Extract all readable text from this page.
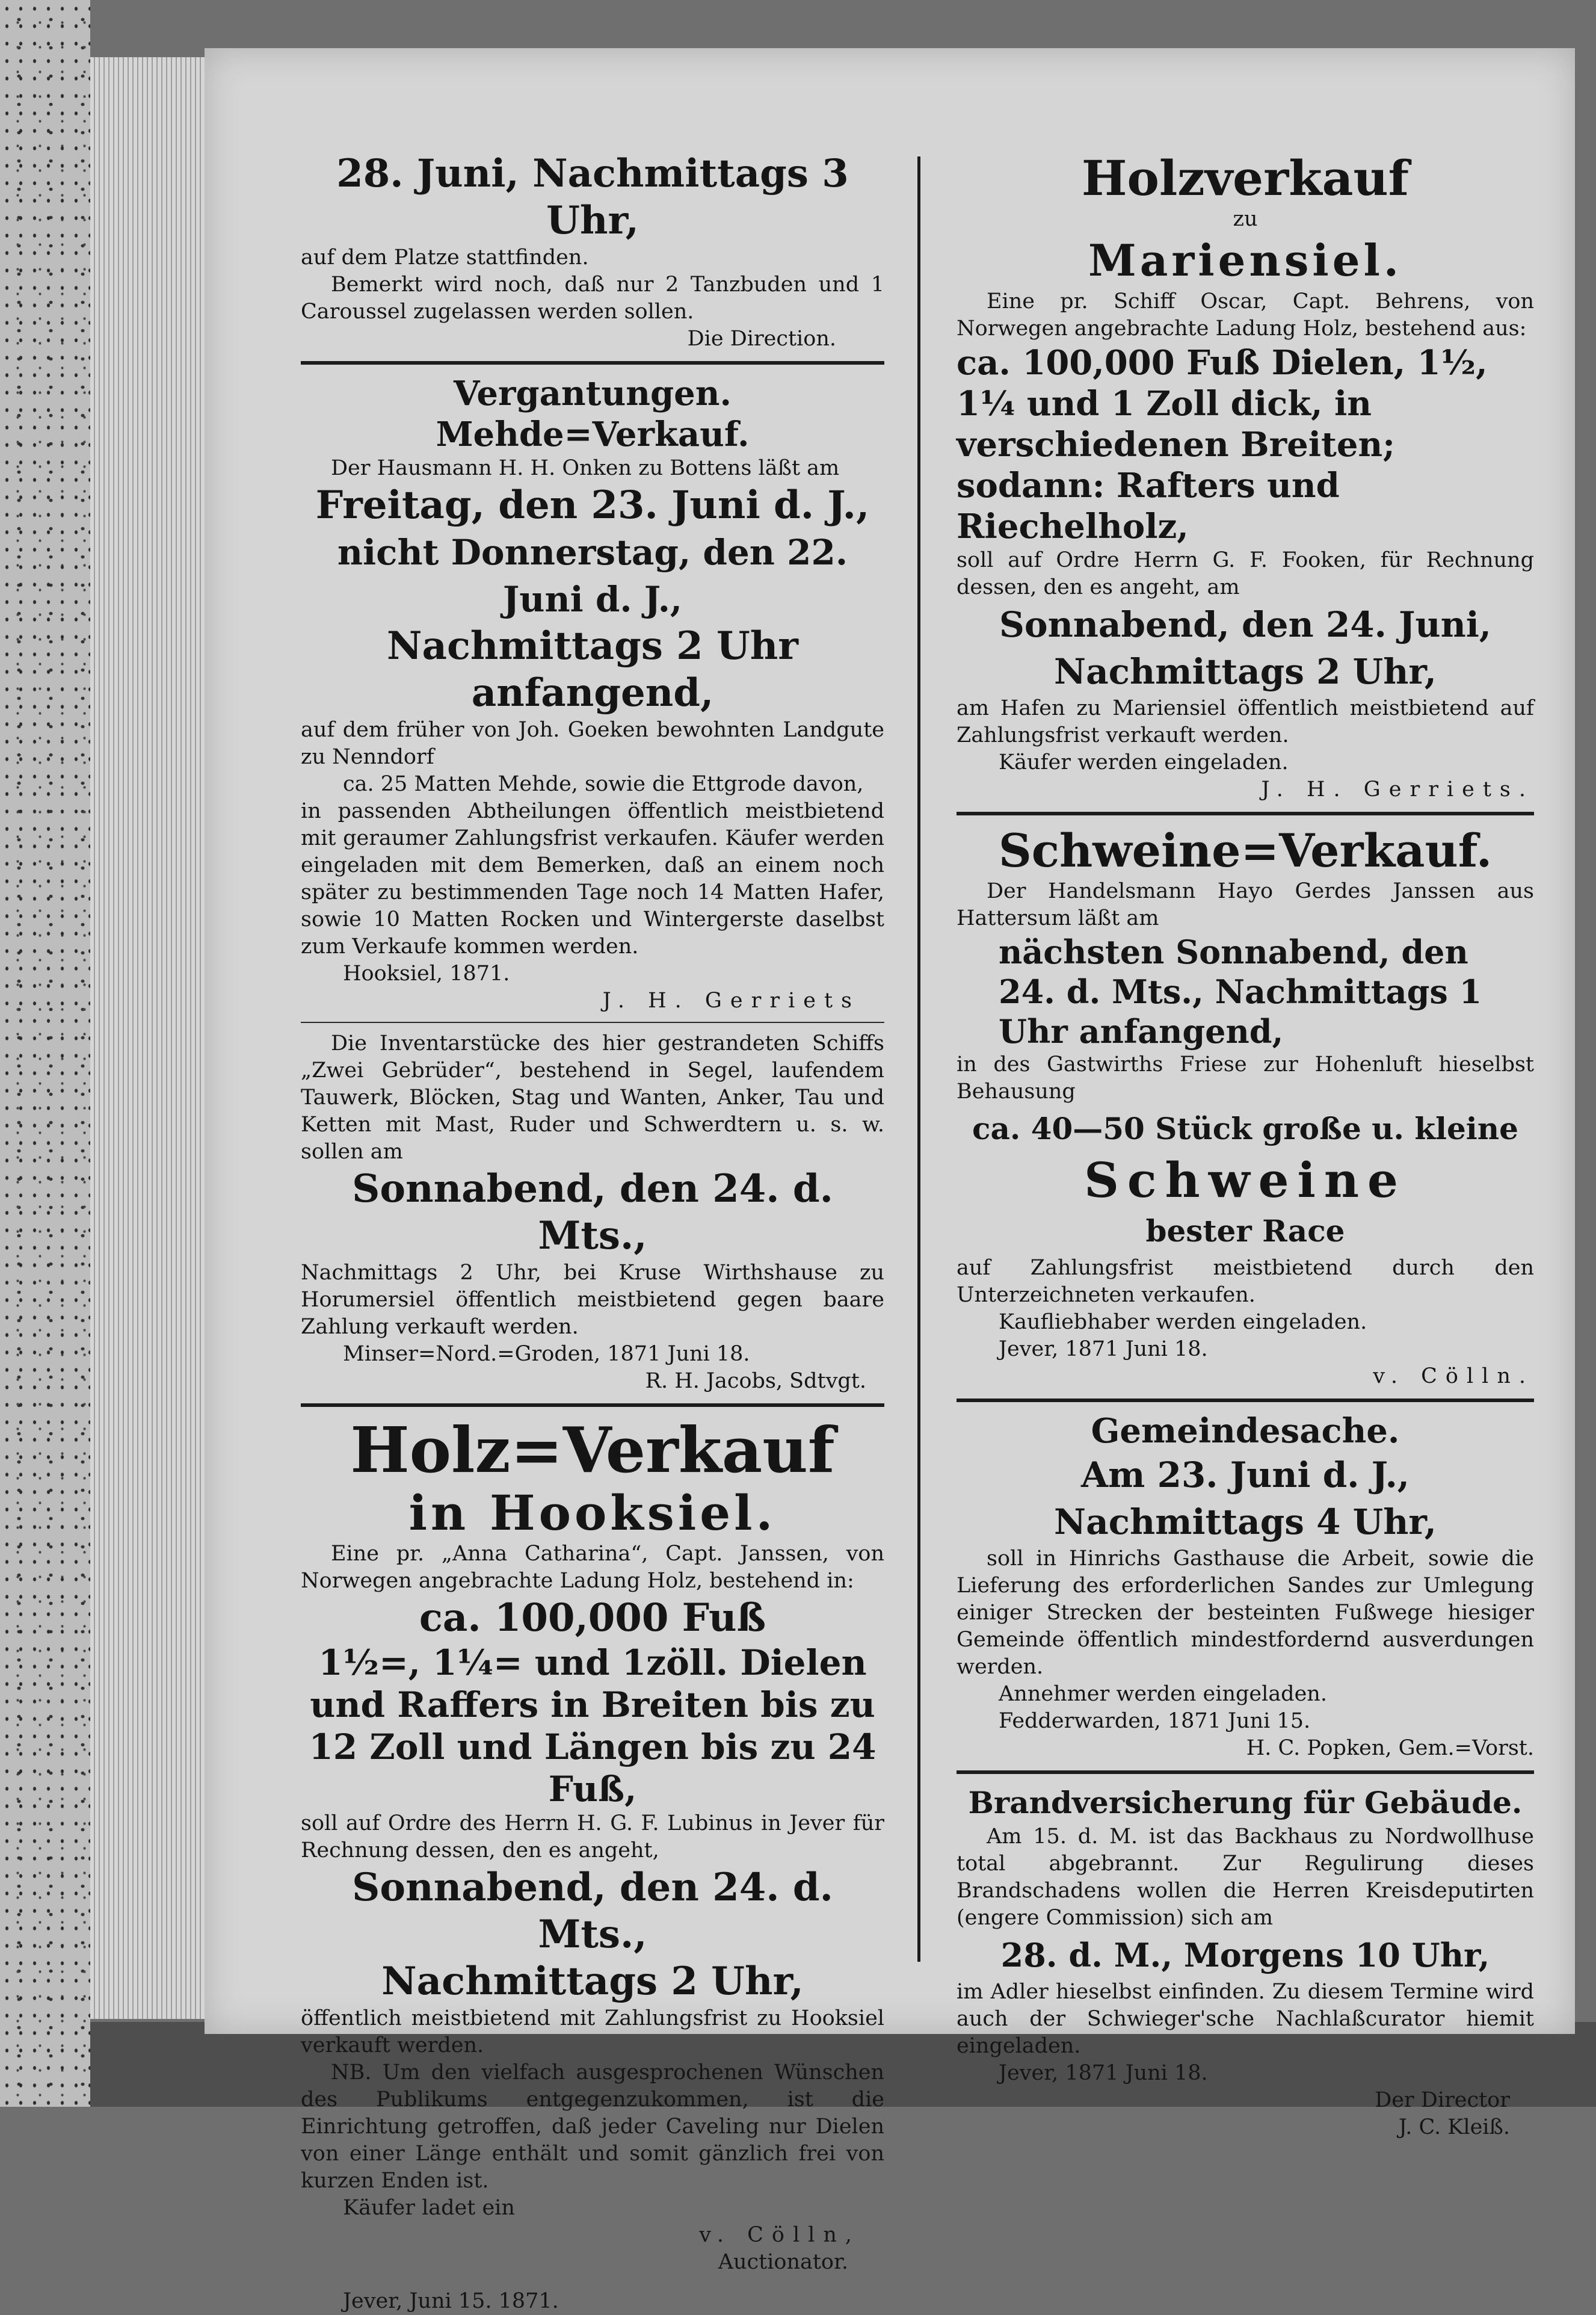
28. Juni, Nachmittags 3 Uhr,
auf dem Platze stattfinden.
Bemerkt wird noch, daß nur 2 Tanzbuden und 1 Caroussel zugelassen werden sollen.
Die Direction.
Vergantungen.
Mehde=Verkauf.
Der Hausmann H. H. Onken zu Bottens läßt am
Freitag, den 23. Juni d. J.,
nicht Donnerstag, den 22. Juni d. J.,
Nachmittags 2 Uhr anfangend,
auf dem früher von Joh. Goeken bewohnten Landgute zu Nenndorf
ca. 25 Matten Mehde, sowie die Ettgrode davon,
in passenden Abtheilungen öffentlich meistbietend mit geraumer Zahlungsfrist verkaufen. Käufer werden eingeladen mit dem Bemerken, daß an einem noch später zu bestimmenden Tage noch 14 Matten Hafer, sowie 10 Matten Rocken und Wintergerste daselbst zum Verkaufe kommen werden.
Hooksiel, 1871.
J. H. Gerriets
Die Inventarstücke des hier gestrandeten Schiffs „Zwei Gebrüder“, bestehend in Segel, laufendem Tauwerk, Blöcken, Stag und Wanten, Anker, Tau und Ketten mit Mast, Ruder und Schwerdtern u. s. w. sollen am
Sonnabend, den 24. d. Mts.,
Nachmittags 2 Uhr, bei Kruse Wirthshause zu Horumersiel öffentlich meistbietend gegen baare Zahlung verkauft werden.
Minser=Nord.=Groden, 1871 Juni 18.
R. H. Jacobs, Sdtvgt.
Holz=Verkauf
in Hooksiel.
Eine pr. „Anna Catharina“, Capt. Janssen, von Norwegen angebrachte Ladung Holz, bestehend in:
ca. 100,000 Fuß
1½=, 1¼= und 1zöll. Dielen und Raffers in Breiten bis zu 12 Zoll und Längen bis zu 24 Fuß,
soll auf Ordre des Herrn H. G. F. Lubinus in Jever für Rechnung dessen, den es angeht,
Sonnabend, den 24. d. Mts.,
Nachmittags 2 Uhr,
öffentlich meistbietend mit Zahlungsfrist zu Hooksiel verkauft werden.
NB. Um den vielfach ausgesprochenen Wünschen des Publikums entgegenzukommen, ist die Einrichtung getroffen, daß jeder Caveling nur Dielen von einer Länge enthält und somit gänzlich frei von kurzen Enden ist.
Käufer ladet ein
v. Cölln,
Auctionator.
Jever, Juni 15. 1871.
Holzverkauf
zu
Mariensiel.
Eine pr. Schiff Oscar, Capt. Behrens, von Norwegen angebrachte Ladung Holz, bestehend aus:
ca. 100,000 Fuß Dielen, 1½, 1¼ und 1 Zoll dick, in verschiedenen Breiten;
sodann: Rafters und Riechelholz,
soll auf Ordre Herrn G. F. Fooken, für Rechnung dessen, den es angeht, am
Sonnabend, den 24. Juni,
Nachmittags 2 Uhr,
am Hafen zu Mariensiel öffentlich meistbietend auf Zahlungsfrist verkauft werden.
Käufer werden eingeladen.
J. H. Gerriets.
Schweine=Verkauf.
Der Handelsmann Hayo Gerdes Janssen aus Hattersum läßt am
nächsten Sonnabend, den 24. d. Mts., Nachmittags 1 Uhr anfangend,
in des Gastwirths Friese zur Hohenluft hieselbst Behausung
ca. 40—50 Stück große u. kleine
Schweine
bester Race
auf Zahlungsfrist meistbietend durch den Unterzeichneten verkaufen.
Kaufliebhaber werden eingeladen.
Jever, 1871 Juni 18.
v. Cölln.
Gemeindesache.
Am 23. Juni d. J.,
Nachmittags 4 Uhr,
soll in Hinrichs Gasthause die Arbeit, sowie die Lieferung des erforderlichen Sandes zur Umlegung einiger Strecken der besteinten Fußwege hiesiger Gemeinde öffentlich mindestfordernd ausverdungen werden.
Annehmer werden eingeladen.
Fedderwarden, 1871 Juni 15.
H. C. Popken, Gem.=Vorst.
Brandversicherung für Gebäude.
Am 15. d. M. ist das Backhaus zu Nordwollhuse total abgebrannt. Zur Regulirung dieses Brandschadens wollen die Herren Kreisdeputirten (engere Commission) sich am
28. d. M., Morgens 10 Uhr,
im Adler hieselbst einfinden. Zu diesem Termine wird auch der Schwieger'sche Nachlaßcurator hiemit eingeladen.
Jever, 1871 Juni 18.
Der Director
J. C. Kleiß.
